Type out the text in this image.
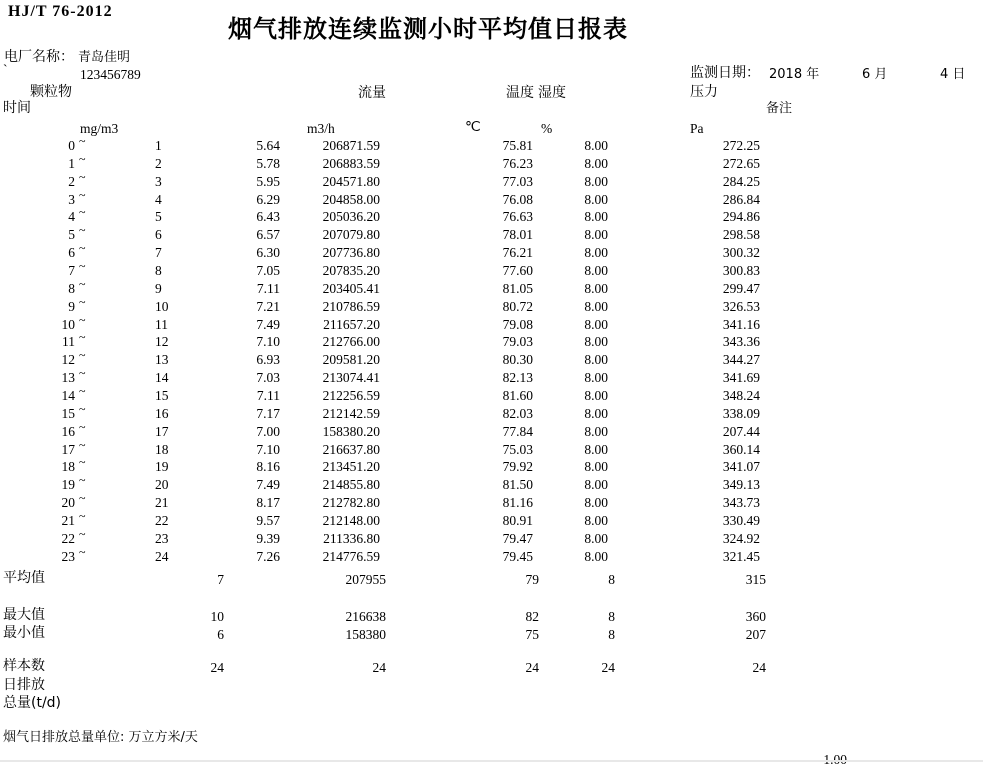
HJ/T 76-2012
烟气排放连续监测小时平均值日报表
电厂名称： 青岛佳明
`	123456789	监测日期： 2018 年	6 月	4 日
颗粒物	流量	温度 湿度	压力
时间	备注
mg/m3	m3/h	℃	%	Pa
0 ~	1	5.64	206871.59	75.81	8.00	272.25
1 ~	2	5.78	206883.59	76.23	8.00	272.65
2 ~	3	5.95	204571.80	77.03	8.00	284.25
3 ~	4	6.29	204858.00	76.08	8.00	286.84
4 ~	5	6.43	205036.20	76.63	8.00	294.86
5 ~	6	6.57	207079.80	78.01	8.00	298.58
6 ~	7	6.30	207736.80	76.21	8.00	300.32
7 ~	8	7.05	207835.20	77.60	8.00	300.83
8 ~	9	7.11	203405.41	81.05	8.00	299.47
9 ~	10	7.21	210786.59	80.72	8.00	326.53
10 ~	11	7.49	211657.20	79.08	8.00	341.16
11 ~	12	7.10	212766.00	79.03	8.00	343.36
12 ~	13	6.93	209581.20	80.30	8.00	344.27
13 ~	14	7.03	213074.41	82.13	8.00	341.69
14 ~	15	7.11	212256.59	81.60	8.00	348.24
15 ~	16	7.17	212142.59	82.03	8.00	338.09
16 ~	17	7.00	158380.20	77.84	8.00	207.44
17 ~	18	7.10	216637.80	75.03	8.00	360.14
18 ~	19	8.16	213451.20	79.92	8.00	341.07
19 ~	20	7.49	214855.80	81.50	8.00	349.13
20 ~	21	8.17	212782.80	81.16	8.00	343.73
21 ~	22	9.57	212148.00	80.91	8.00	330.49
22 ~	23	9.39	211336.80	79.47	8.00	324.92
23 ~	24	7.26	214776.59	79.45	8.00	321.45
平均值	7	207955	79	8	315
最大值	10	216638	82	8	360
最小值	6	158380	75	8	207
样本数	24	24	24	24	24
日排放
总量(t/d)
烟气日排放总量单位: 万立方米/天
